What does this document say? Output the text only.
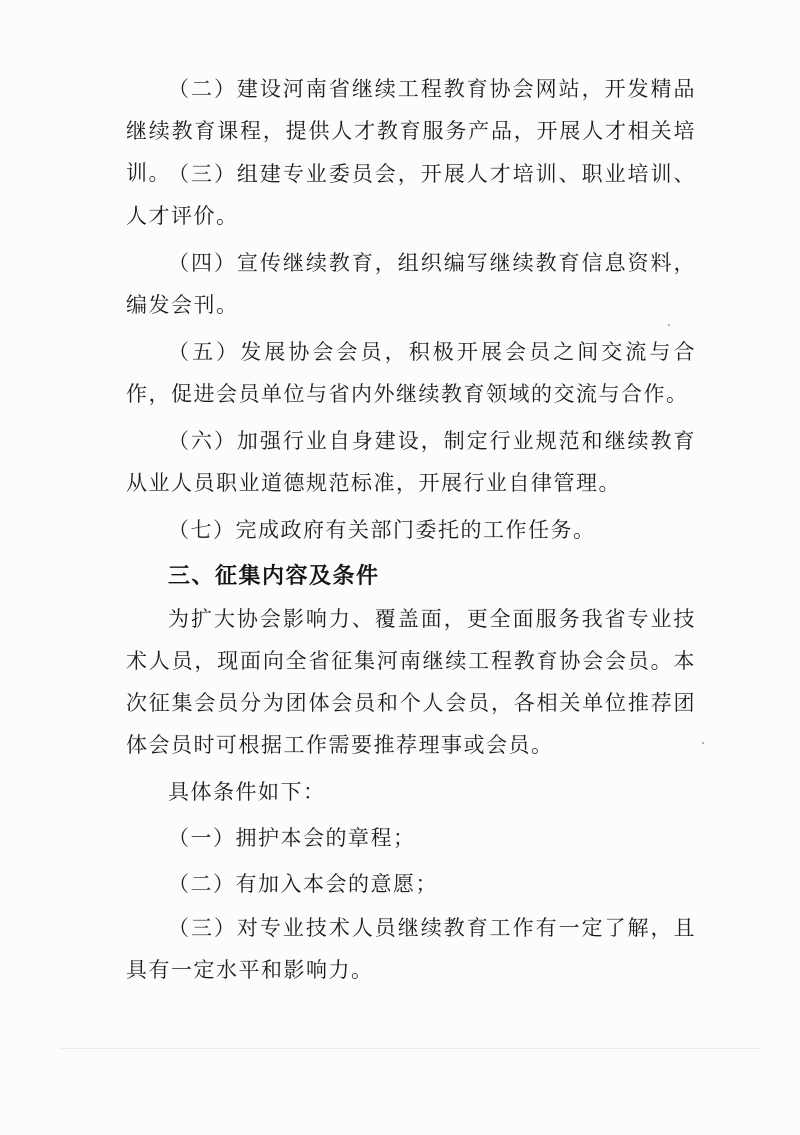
（二）建设河南省继续工程教育协会网站，开发精品继续教育课程，提供人才教育服务产品，开展人才相关培训。

（三）组建专业委员会，开展人才培训、职业培训、人才评价。

（四）宣传继续教育，组织编写继续教育信息资料，编发会刊。

（五）发展协会会员，积极开展会员之间交流与合作，促进会员单位与省内外继续教育领域的交流与合作。

（六）加强行业自身建设，制定行业规范和继续教育从业人员职业道德规范标准，开展行业自律管理。

（七）完成政府有关部门委托的工作任务。

三、征集内容及条件

为扩大协会影响力、覆盖面，更全面服务我省专业技术人员，现面向全省征集河南继续工程教育协会会员。本次征集会员分为团体会员和个人会员，各相关单位推荐团体会员时可根据工作需要推荐理事或会员。

具体条件如下：

（一）拥护本会的章程；

（二）有加入本会的意愿；

（三）对专业技术人员继续教育工作有一定了解，且具有一定水平和影响力。
